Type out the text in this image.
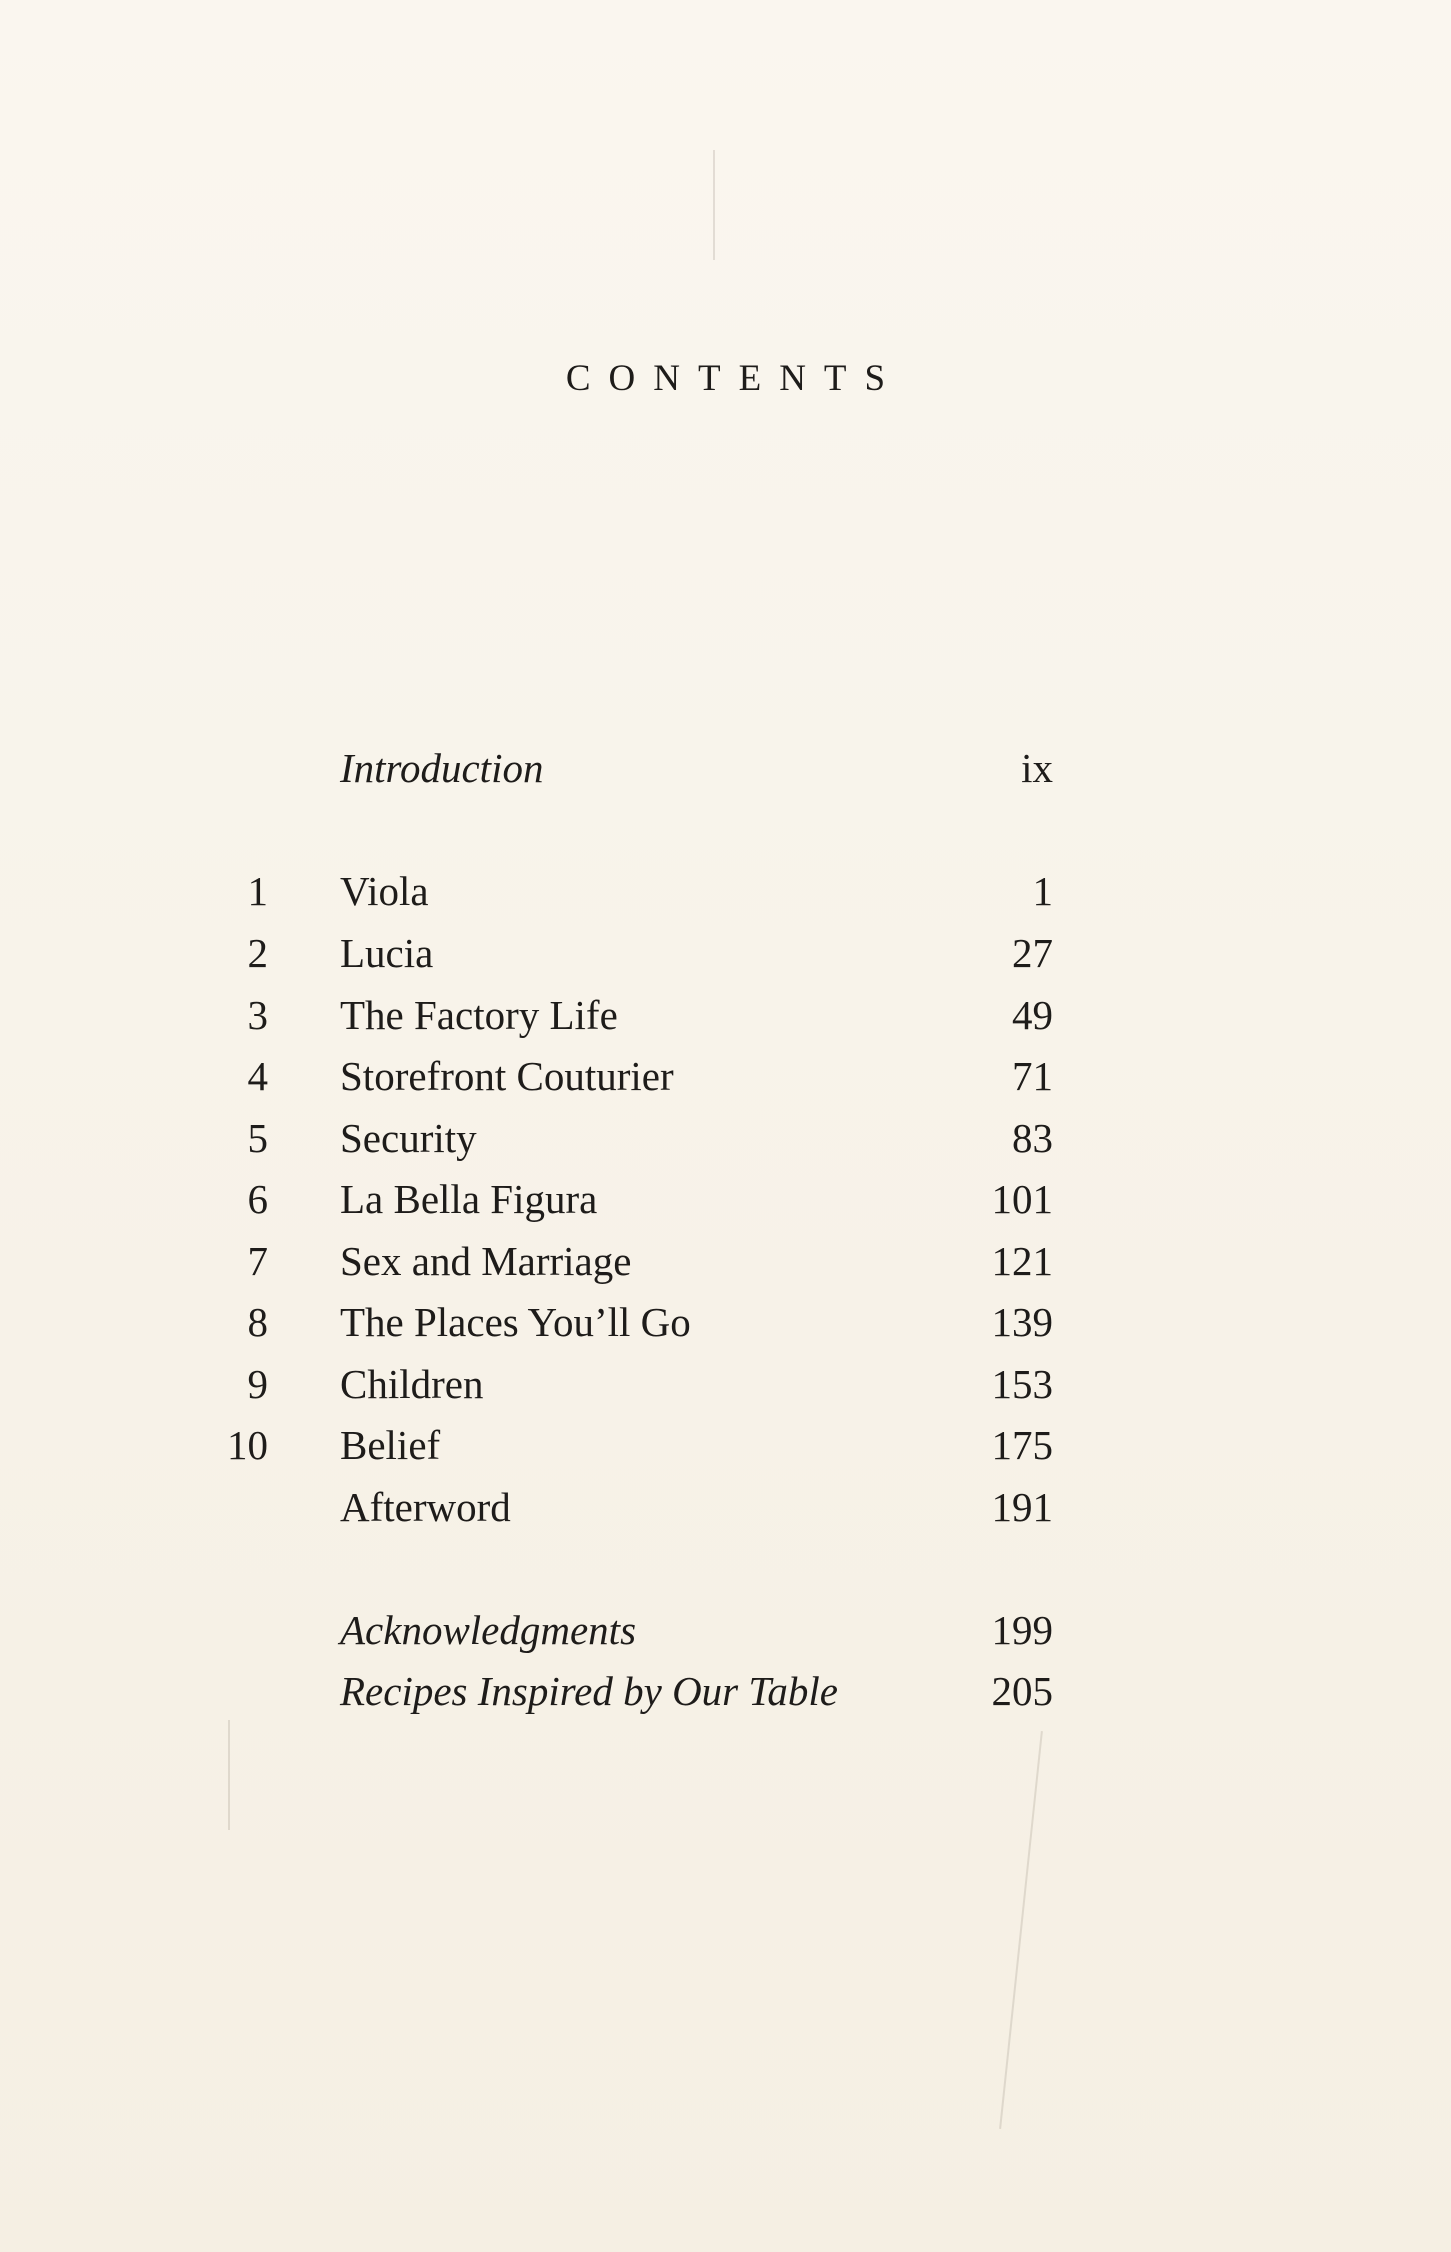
CONTENTS
Introduction	ix
1 Viola	1
2 Lucia	27
3 The Factory Life	49
4 Storefront Couturier	71
5 Security	83
6 La Bella Figura	101
7 Sex and Marriage	121
8 The Places You’ll Go	139
9 Children	153
10 Belief	175
Afterword	191
Acknowledgments	199
Recipes Inspired by Our Table	205
